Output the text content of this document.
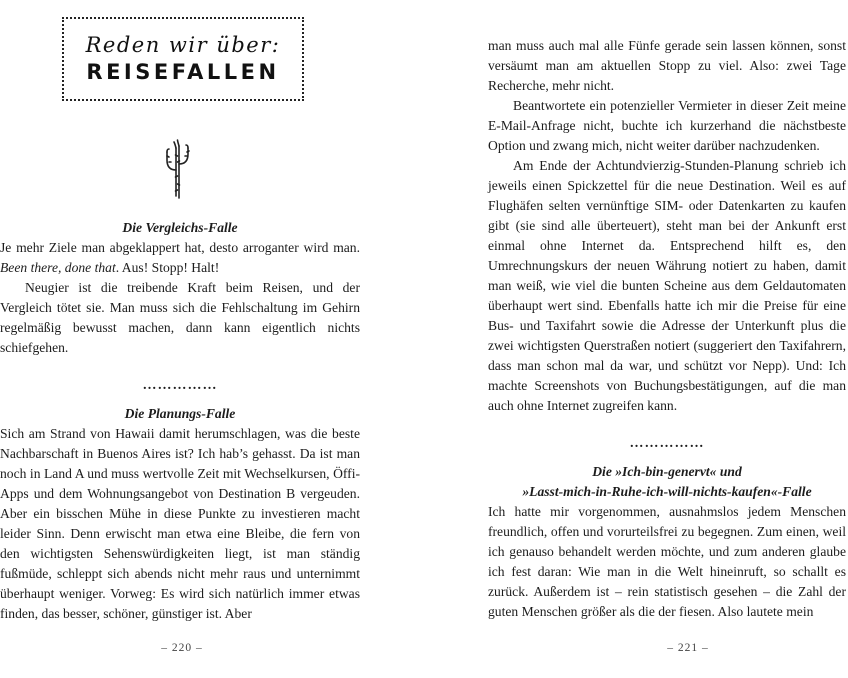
Reden wir über:
REISEFALLEN

Die Vergleichs-Falle

Je mehr Ziele man abgeklappert hat, desto arroganter wird man. Been there, done that. Aus! Stopp! Halt!

Neugier ist die treibende Kraft beim Reisen, und der Vergleich tötet sie. Man muss sich die Fehlschaltung im Gehirn regelmäßig bewusst machen, dann kann eigentlich nichts schiefgehen.

……………

Die Planungs-Falle

Sich am Strand von Hawaii damit herumschlagen, was die beste Nachbarschaft in Buenos Aires ist? Ich hab’s gehasst. Da ist man noch in Land A und muss wertvolle Zeit mit Wechselkursen, Öffi-Apps und dem Wohnungsangebot von Destination B vergeuden. Aber ein bisschen Mühe in diese Punkte zu investieren macht leider Sinn. Denn erwischt man etwa eine Bleibe, die fern von den wichtigsten Sehenswürdigkeiten liegt, ist man ständig fußmüde, schleppt sich abends nicht mehr raus und unternimmt überhaupt weniger. Vorweg: Es wird sich natürlich immer etwas finden, das besser, schöner, günstiger ist. Aber

– 220 –

man muss auch mal alle Fünfe gerade sein lassen können, sonst versäumt man am aktuellen Stopp zu viel. Also: zwei Tage Recherche, mehr nicht.

Beantwortete ein potenzieller Vermieter in dieser Zeit meine E-Mail-Anfrage nicht, buchte ich kurzerhand die nächstbeste Option und zwang mich, nicht weiter darüber nachzudenken.

Am Ende der Achtundvierzig-Stunden-Planung schrieb ich jeweils einen Spickzettel für die neue Destination. Weil es auf Flughäfen selten vernünftige SIM- oder Datenkarten zu kaufen gibt (sie sind alle überteuert), steht man bei der Ankunft erst einmal ohne Internet da. Entsprechend hilft es, den Umrechnungskurs der neuen Währung notiert zu haben, damit man weiß, wie viel die bunten Scheine aus dem Geldautomaten überhaupt wert sind. Ebenfalls hatte ich mir die Preise für eine Bus- und Taxifahrt sowie die Adresse der Unterkunft plus die zwei wichtigsten Querstraßen notiert (suggeriert den Taxifahrern, dass man schon mal da war, und schützt vor Nepp). Und: Ich machte Screenshots von Buchungsbestätigungen, auf die man auch ohne Internet zugreifen kann.

……………

Die »Ich-bin-genervt« und

»Lasst-mich-in-Ruhe-ich-will-nichts-kaufen«-Falle

Ich hatte mir vorgenommen, ausnahmslos jedem Menschen freundlich, offen und vorurteilsfrei zu begegnen. Zum einen, weil ich genauso behandelt werden möchte, und zum anderen glaube ich fest daran: Wie man in die Welt hineinruft, so schallt es zurück. Außerdem ist – rein statistisch gesehen – die Zahl der guten Menschen größer als die der fiesen. Also lautete mein

– 221 –
